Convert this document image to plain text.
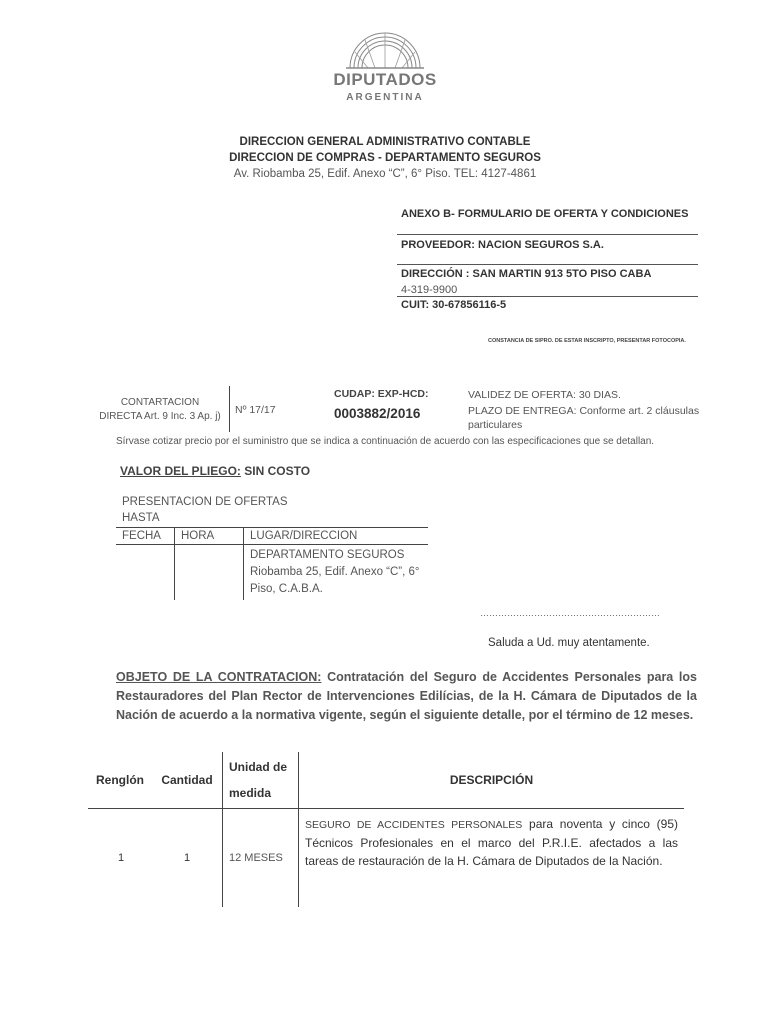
DIPUTADOS
ARGENTINA
DIRECCION GENERAL ADMINISTRATIVO CONTABLE
DIRECCION DE COMPRAS - DEPARTAMENTO SEGUROS
Av. Riobamba 25, Edif. Anexo “C”, 6° Piso. TEL: 4127-4861
ANEXO B- FORMULARIO DE OFERTA Y CONDICIONES
PROVEEDOR: NACION SEGUROS S.A.
DIRECCIÓN : SAN MARTIN 913 5TO PISO CABA
4-319-9900
CUIT: 30-67856116-5
CONSTANCIA DE SIPRO. DE ESTAR INSCRIPTO, PRESENTAR FOTOCOPIA.
CONTARTACION
DIRECTA Art. 9 Inc. 3 Ap. j)
Nº 17/17
CUDAP: EXP-HCD:
0003882/2016
VALIDEZ DE OFERTA: 30 DIAS.
PLAZO DE ENTREGA: Conforme art. 2 cláusulas
particulares
Sírvase cotizar precio por el suministro que se indica a continuación de acuerdo con las especificaciones que se detallan.
VALOR DEL PLIEGO: SIN COSTO
PRESENTACION DE OFERTAS
HASTA
FECHA	HORA	LUGAR/DIRECCION

		DEPARTAMENTO SEGUROS
Riobamba 25, Edif. Anexo “C”, 6°
Piso, C.A.B.A.
……………………………………………………
Saluda a Ud. muy atentamente.
OBJETO DE LA CONTRATACION: Contratación del Seguro de Accidentes Personales para los Restauradores del Plan Rector de Intervenciones Edilícias, de la H. Cámara de Diputados de la Nación de acuerdo a la normativa vigente, según el siguiente detalle, por el término de 12 meses.
Renglón	Cantidad	Unidad de
medida	DESCRIPCIÓN
1	1	12 MESES	SEGURO DE ACCIDENTES PERSONALES para noventa y cinco (95) Técnicos Profesionales en el marco del P.R.I.E. afectados a las tareas de restauración de la H. Cámara de Diputados de la Nación.
